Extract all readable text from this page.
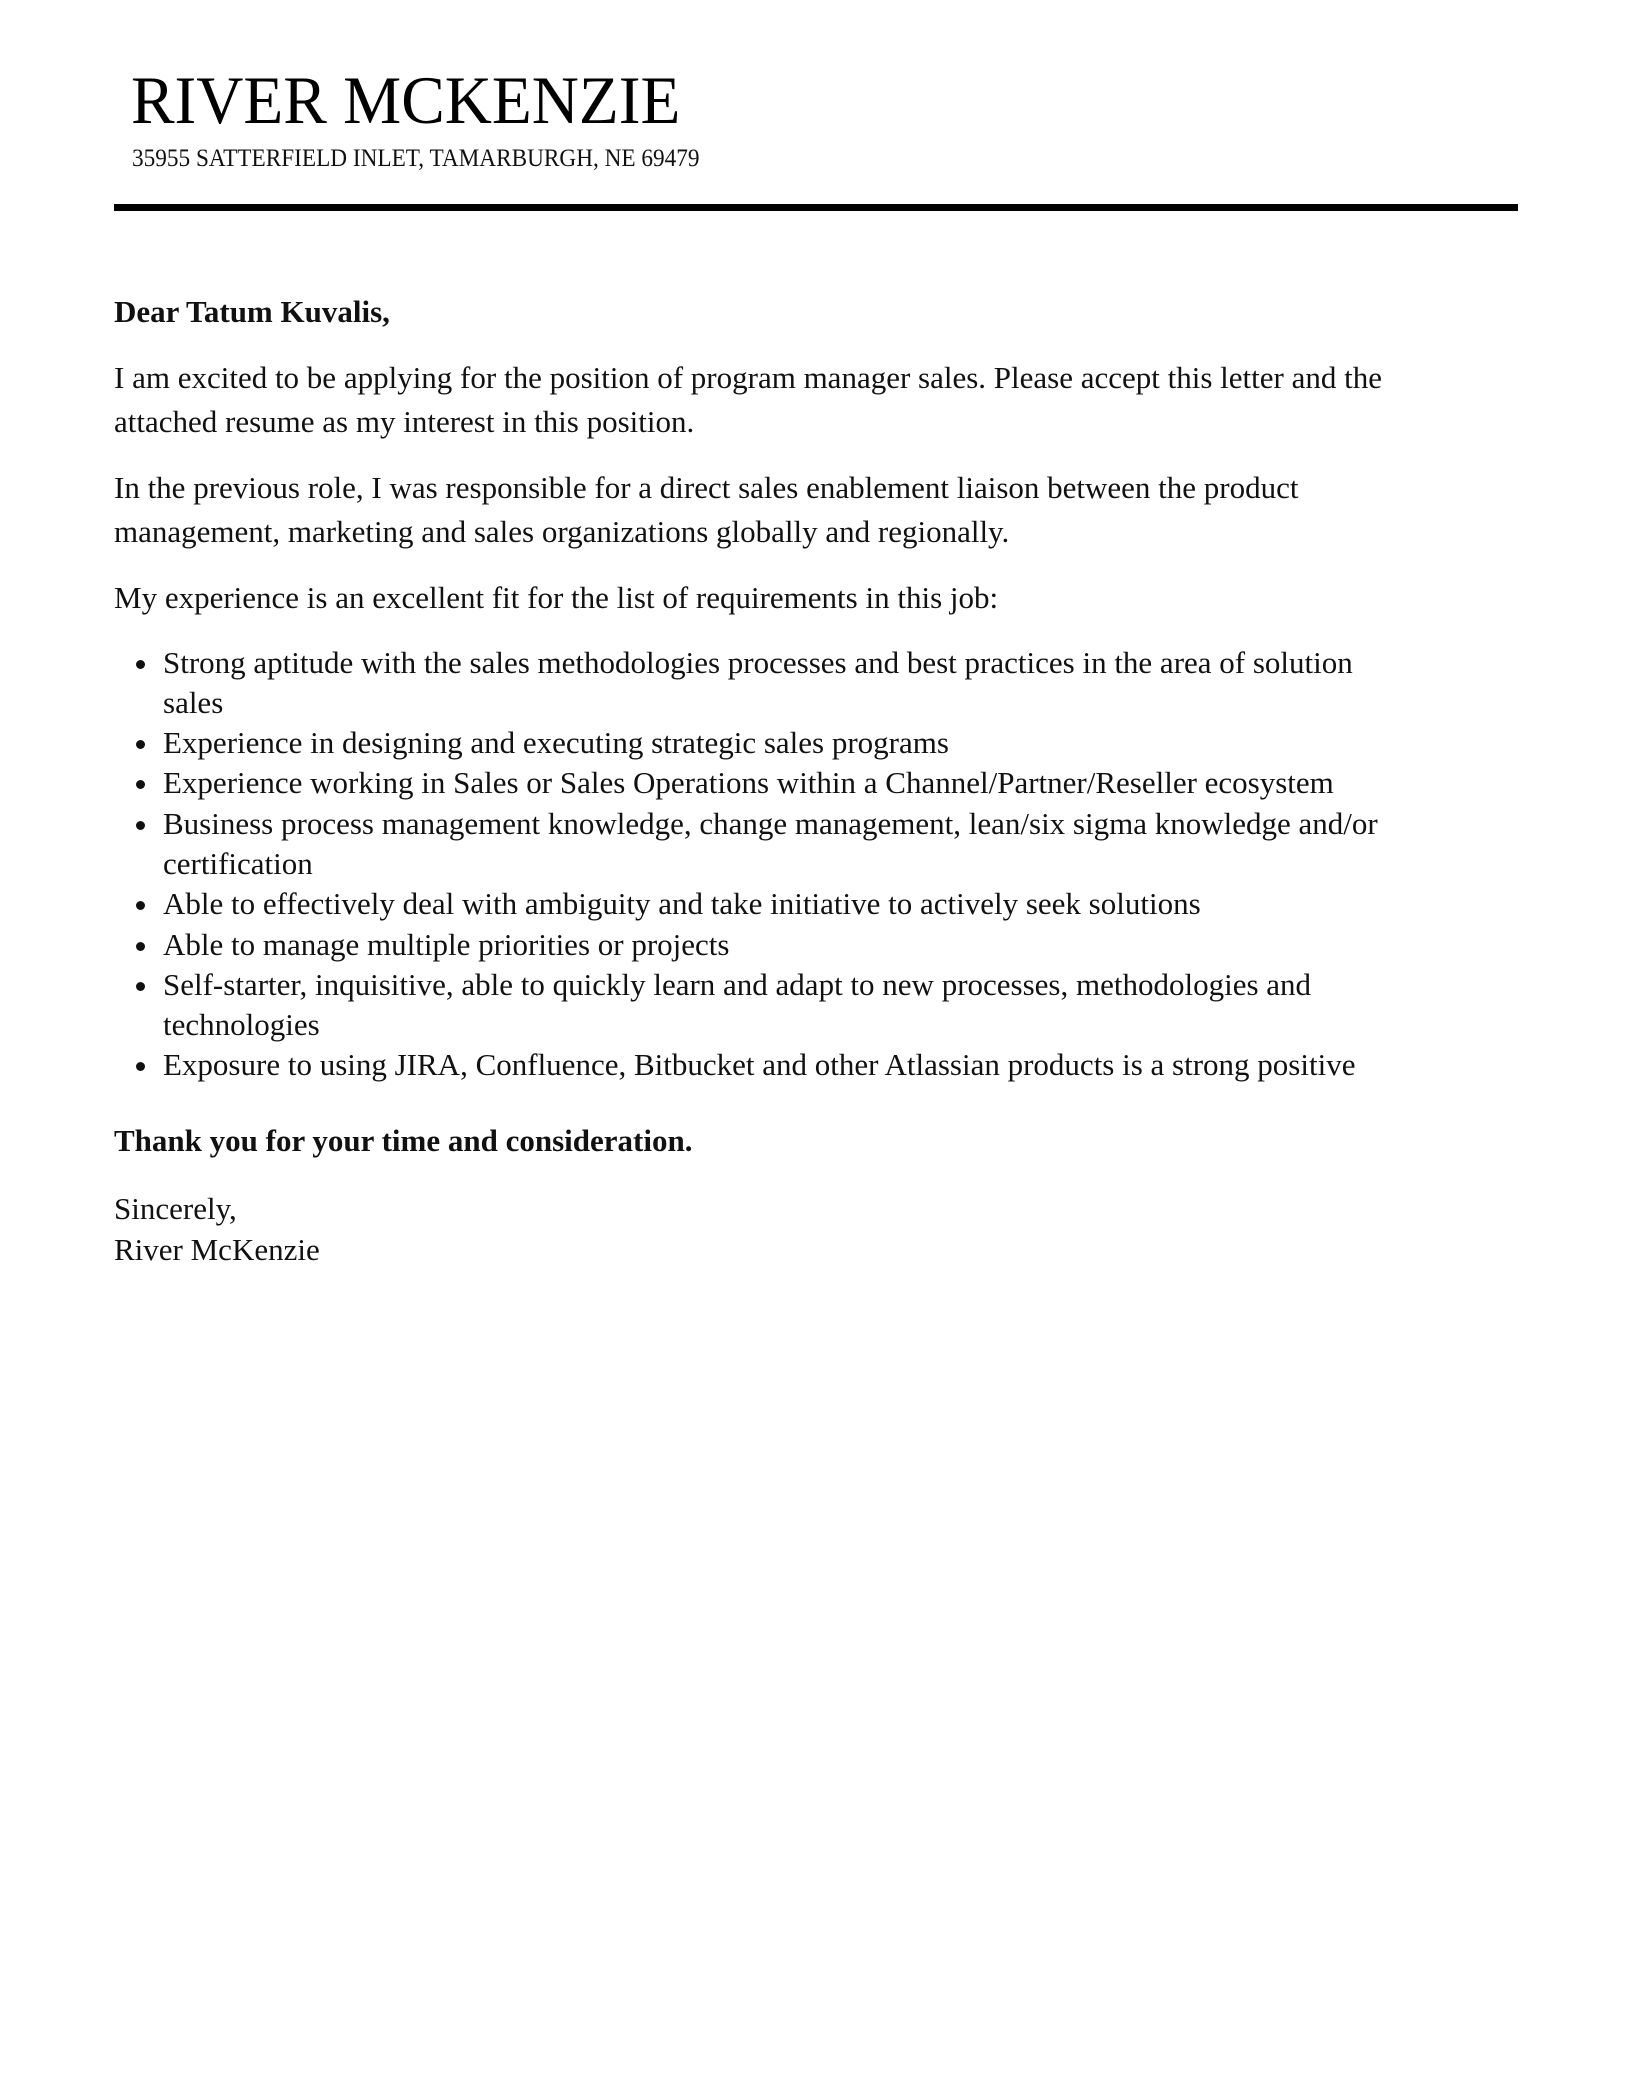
RIVER MCKENZIE
35955 SATTERFIELD INLET, TAMARBURGH, NE 69479

Dear Tatum Kuvalis,

I am excited to be applying for the position of program manager sales. Please accept this letter and the
attached resume as my interest in this position.

In the previous role, I was responsible for a direct sales enablement liaison between the product
management, marketing and sales organizations globally and regionally.

My experience is an excellent fit for the list of requirements in this job:

Strong aptitude with the sales methodologies processes and best practices in the area of solution
sales
Experience in designing and executing strategic sales programs
Experience working in Sales or Sales Operations within a Channel/Partner/Reseller ecosystem
Business process management knowledge, change management, lean/six sigma knowledge and/or
certification
Able to effectively deal with ambiguity and take initiative to actively seek solutions
Able to manage multiple priorities or projects
Self-starter, inquisitive, able to quickly learn and adapt to new processes, methodologies and
technologies
Exposure to using JIRA, Confluence, Bitbucket and other Atlassian products is a strong positive

Thank you for your time and consideration.

Sincerely,
River McKenzie
